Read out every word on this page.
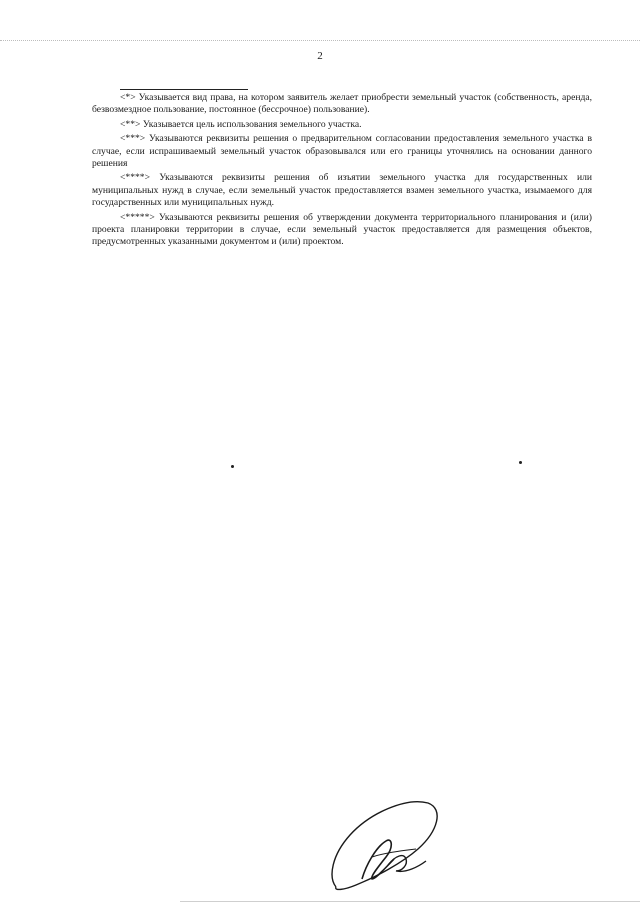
2

<*> Указывается вид права, на котором заявитель желает приобрести земельный участок (собственность, аренда, безвозмездное пользование, постоянное (бессрочное) пользование).

<**> Указывается цель использования земельного участка.

<***> Указываются реквизиты решения о предварительном согласовании предоставления земельного участка в случае, если испрашиваемый земельный участок образовывался или его границы уточнялись на основании данного решения

<****> Указываются реквизиты решения об изъятии земельного участка для государственных или муниципальных нужд в случае, если земельный участок предоставляется взамен земельного участка, изымаемого для государственных или муниципальных нужд.

<*****> Указываются реквизиты решения об утверждении документа территориального планирования и (или) проекта планировки территории в случае, если земельный участок предоставляется для размещения объектов, предусмотренных указанными документом и (или) проектом.
